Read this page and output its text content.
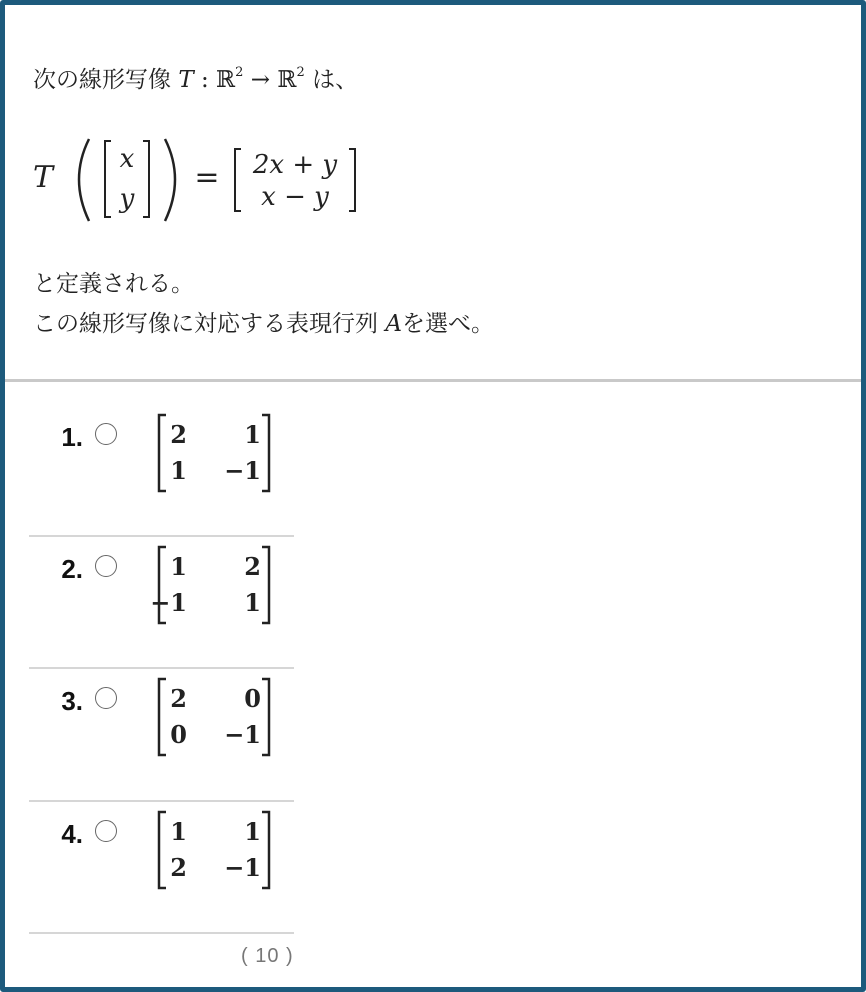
次の線形写像 T : ℝ$^2$ → ℝ$^2$ は、
T
x
y
= 2x + y
x − y
と定義される。
この線形写像に対応する表現行列 Aを選べ。
1.	2 1
1 −1
2.	1 2
−1 1
3.	2 0
0 −1
4.	1 1
2 −1
( 10 )
